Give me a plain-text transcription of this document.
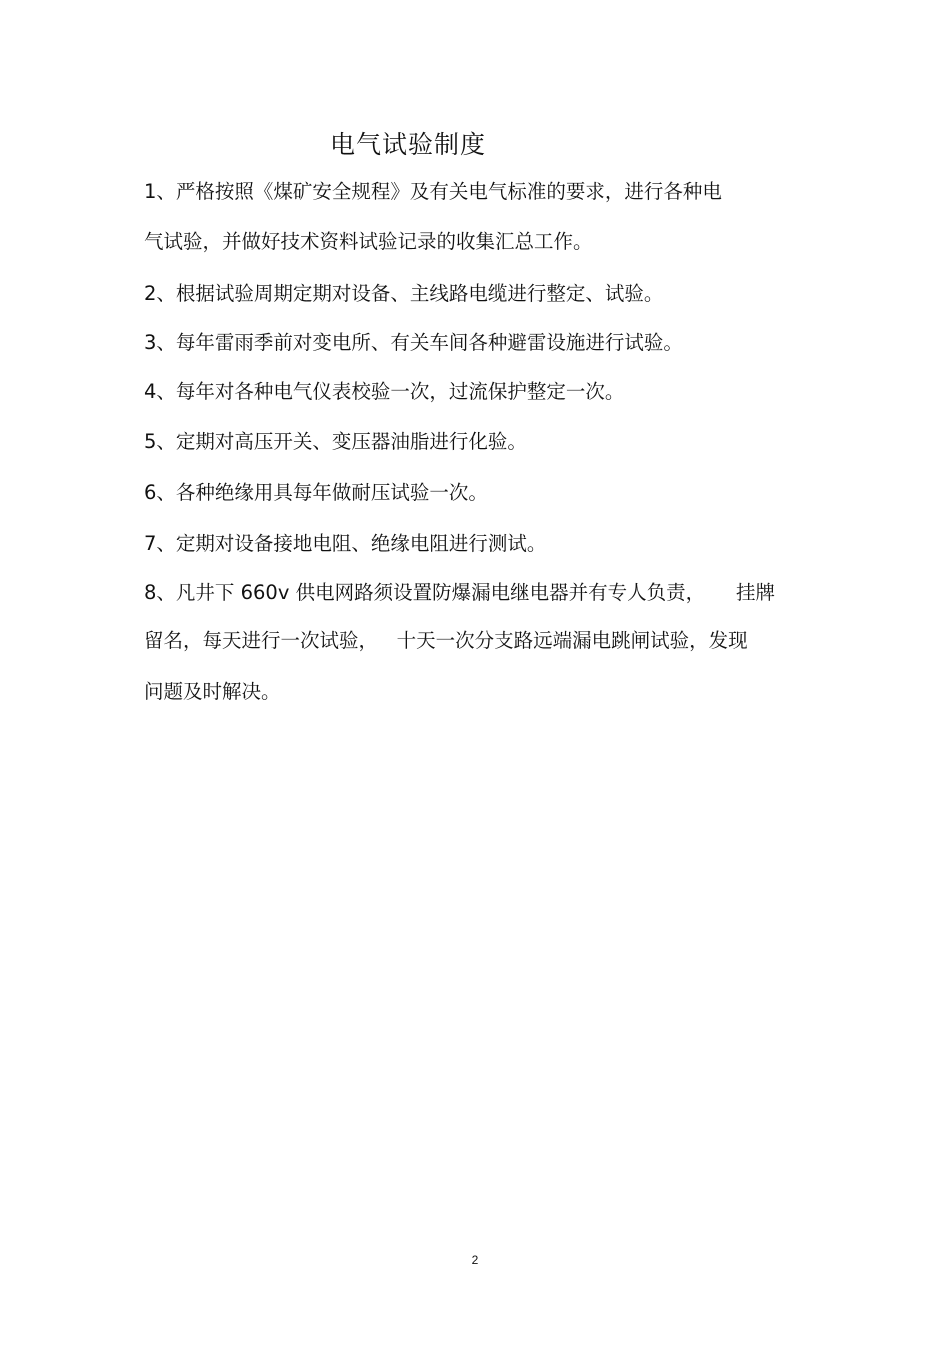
电气试验制度
1、严格按照《煤矿安全规程》及有关电气标准的要求，进行各种电
气试验，并做好技术资料试验记录的收集汇总工作。
2、根据试验周期定期对设备、主线路电缆进行整定、试验。
3、每年雷雨季前对变电所、有关车间各种避雷设施进行试验。
4、每年对各种电气仪表校验一次，过流保护整定一次。
5、定期对高压开关、变压器油脂进行化验。
6、各种绝缘用具每年做耐压试验一次。
7、定期对设备接地电阻、绝缘电阻进行测试。
8、凡井下 660v 供电网路须设置防爆漏电继电器并有专人负责，     挂牌
留名，每天进行一次试验，   十天一次分支路远端漏电跳闸试验，发现
问题及时解决。
2
